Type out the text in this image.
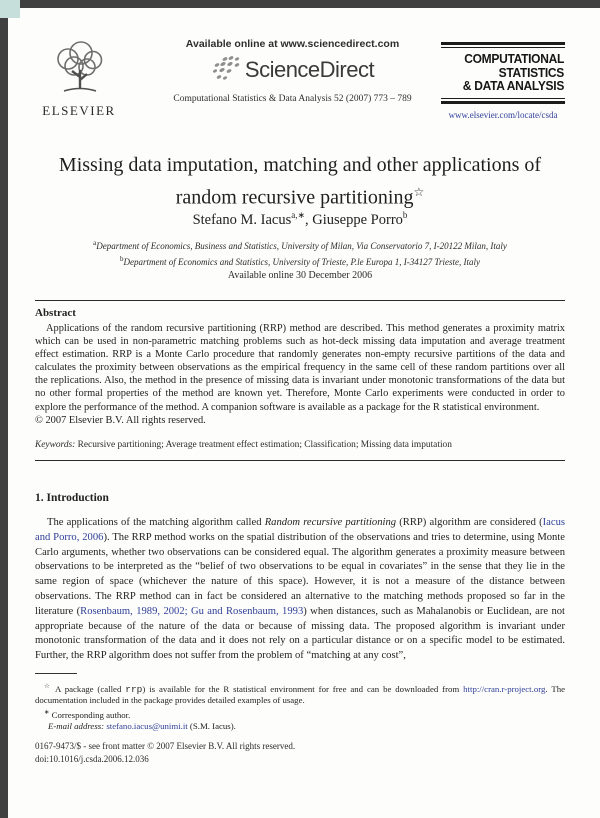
ELSEVIER
Available online at www.sciencedirect.com
ScienceDirect
Computational Statistics & Data Analysis 52 (2007) 773 – 789
COMPUTATIONAL
STATISTICS
& DATA ANALYSIS
www.elsevier.com/locate/csda
Missing data imputation, matching and other applications of random recursive partitioning☆
Stefano M. Iacus$^{a,∗}$, Giuseppe Porro$^b$
$^a$Department of Economics, Business and Statistics, University of Milan, Via Conservatorio 7, I-20122 Milan, Italy
$^b$Department of Economics and Statistics, University of Trieste, P.le Europa 1, I-34127 Trieste, Italy
Available online 30 December 2006
Abstract

Applications of the random recursive partitioning (RRP) method are described. This method generates a proximity matrix which can be used in non-parametric matching problems such as hot-deck missing data imputation and average treatment effect estimation. RRP is a Monte Carlo procedure that randomly generates non-empty recursive partitions of the data and calculates the proximity between observations as the empirical frequency in the same cell of these random partitions over all the replications. Also, the method in the presence of missing data is invariant under monotonic transformations of the data but no other formal properties of the method are known yet. Therefore, Monte Carlo experiments were conducted in order to explore the performance of the method. A companion software is available as a package for the R statistical environment.

© 2007 Elsevier B.V. All rights reserved.

Keywords: Recursive partitioning; Average treatment effect estimation; Classification; Missing data imputation
1. Introduction

The applications of the matching algorithm called Random recursive partitioning (RRP) algorithm are considered (Iacus and Porro, 2006). The RRP method works on the spatial distribution of the observations and tries to determine, using Monte Carlo arguments, whether two observations can be considered equal. The algorithm generates a proximity measure between observations to be interpreted as the “belief of two observations to be equal in covariates” in the sense that they lie in the same region of space (whichever the nature of this space). However, it is not a measure of the distance between observations. The RRP method can in fact be considered an alternative to the matching methods proposed so far in the literature (Rosenbaum, 1989, 2002; Gu and Rosenbaum, 1993) when distances, such as Mahalanobis or Euclidean, are not appropriate because of the nature of the data or because of missing data. The proposed algorithm is invariant under monotonic transformation of the data and it does not rely on a particular distance or on a specific model to be estimated. Further, the RRP algorithm does not suffer from the problem of “matching at any cost”,

☆ A package (called rrp) is available for the R statistical environment for free and can be downloaded from http://cran.r-project.org. The documentation included in the package provides detailed examples of usage.

∗ Corresponding author.

E-mail address: stefano.iacus@unimi.it (S.M. Iacus).

0167-9473/$ - see front matter © 2007 Elsevier B.V. All rights reserved.
doi:10.1016/j.csda.2006.12.036
